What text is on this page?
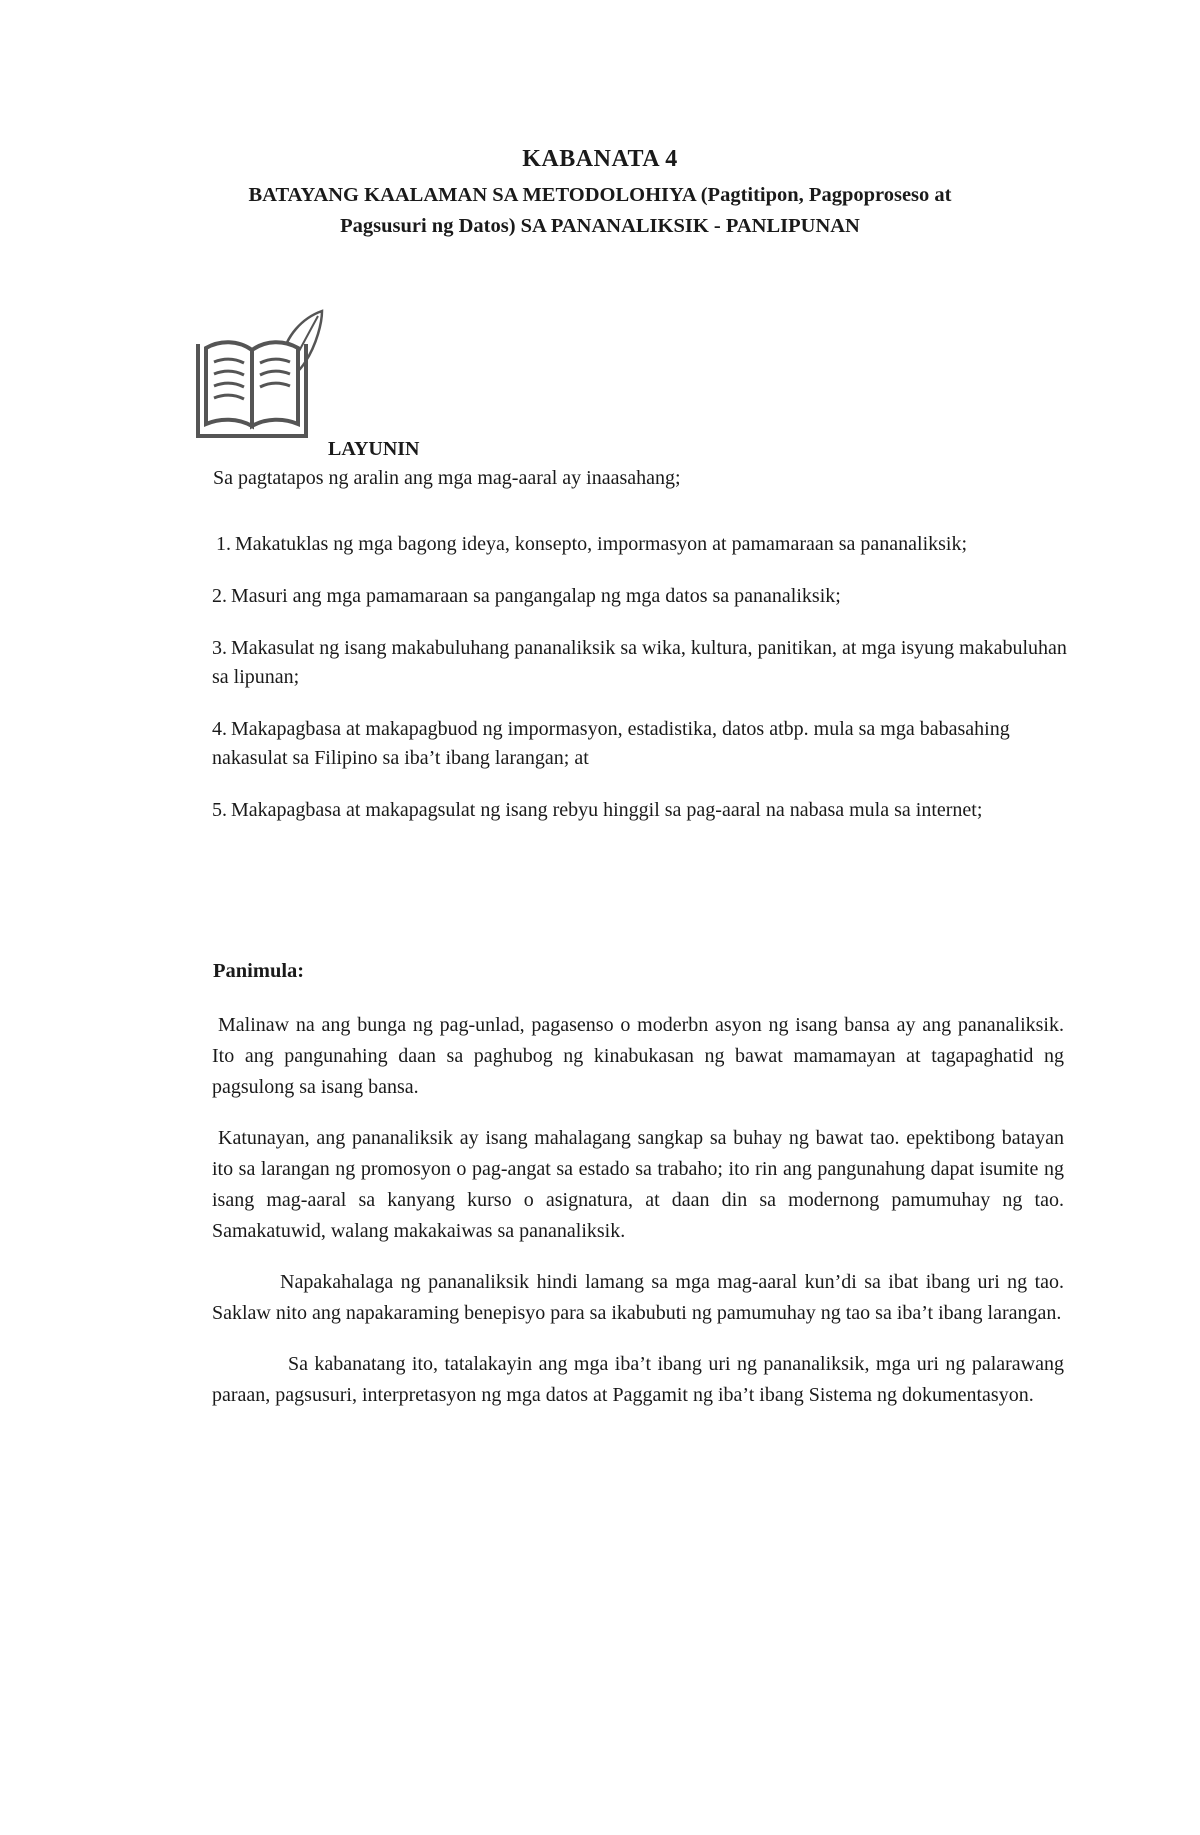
KABANATA 4
BATAYANG KAALAMAN SA METODOLOHIYA (Pagtitipon, Pagpoproseso at
Pagsusuri ng Datos) SA PANANALIKSIK - PANLIPUNAN
LAYUNIN
Sa pagtatapos ng aralin ang mga mag-aaral ay inaasahang;
1. Makatuklas ng mga bagong ideya, konsepto, impormasyon at pamamaraan sa pananaliksik;
2. Masuri ang mga pamamaraan sa pangangalap ng mga datos sa pananaliksik;
3. Makasulat ng isang makabuluhang pananaliksik sa wika, kultura, panitikan, at mga isyung makabuluhan sa lipunan;
4. Makapagbasa at makapagbuod ng impormasyon, estadistika, datos atbp. mula sa mga babasahing nakasulat sa Filipino sa iba’t ibang larangan; at
5. Makapagbasa at makapagsulat ng isang rebyu hinggil sa pag-aaral na nabasa mula sa internet;
Panimula:

Malinaw na ang bunga ng pag-unlad, pagasenso o moderbn asyon ng isang bansa ay ang pananaliksik. Ito ang pangunahing daan sa paghubog ng kinabukasan ng bawat mamamayan at tagapaghatid ng pagsulong sa isang bansa.

Katunayan, ang pananaliksik ay isang mahalagang sangkap sa buhay ng bawat tao. epektibong batayan ito sa larangan ng promosyon o pag-angat sa estado sa trabaho; ito rin ang pangunahung dapat isumite ng isang mag-aaral sa kanyang kurso o asignatura, at daan din sa modernong pamumuhay ng tao. Samakatuwid, walang makakaiwas sa pananaliksik.

Napakahalaga ng pananaliksik hindi lamang sa mga mag-aaral kun’di sa ibat ibang uri ng tao. Saklaw nito ang napakaraming benepisyo para sa ikabubuti ng pamumuhay ng tao sa iba’t ibang larangan.

Sa kabanatang ito, tatalakayin ang mga iba’t ibang uri ng pananaliksik, mga uri ng palarawang paraan, pagsusuri, interpretasyon ng mga datos at Paggamit ng iba’t ibang Sistema ng dokumentasyon.
